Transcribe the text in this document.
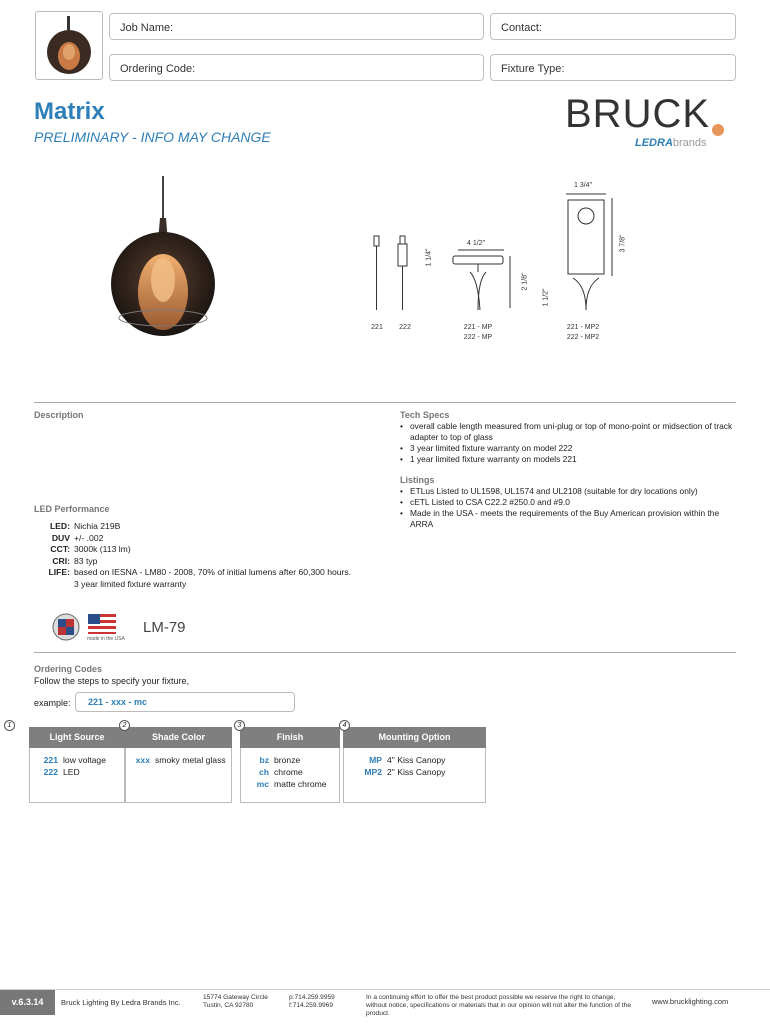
Job Name:	Contact:
Ordering Code:	Fixture Type:
Matrix
PRELIMINARY - INFO MAY CHANGE
BRUCK
LEDRAbrands
1 3/4"
3 7/8"
4 1/2"
1 1/4"
2 1/8"
1 1/2"
221	222	221 - MP
222 - MP
221 - MP2
222 - MP2
Description	Tech Specs
• overall cable length measured from uni-plug or top of mono-point or midsection of track adapter to top of glass
• 3 year limited fixture warranty on model 222
• 1 year limited fixture warranty on models 221
Listings
• ETLus Listed to UL1598, UL1574 and UL2108 (suitable for dry locations only)
• cETL Listed to CSA C22.2 #250.0 and #9.0
• Made in the USA - meets the requirements of the Buy American provision within the ARRA
LED Performance
LED: Nichia 219B
DUV +/- .002
CCT: 3000k (113 lm)
CRI: 83 typ
LIFE: based on IESNA - LM80 - 2008, 70% of initial lumens after 60,300 hours.
3 year limited fixture warranty
made in the USA
LM-79
Ordering Codes
Follow the steps to specify your fixture,
example:	221 - xxx - mc
Light Source
221 low voltage
222 LED
1
Shade Color
xxx smoky metal glass
2
Finish
bz bronze
ch chrome
mc matte chrome
3
Mounting Option
MP 4" Kiss Canopy
MP2 2" Kiss Canopy
4
v.6.3.14	Bruck Lighting By Ledra Brands Inc.
15774 Gateway Circle
Tustin, CA 92780
p:714.259.9959
f:714.259.9969
In a continuing effort to offer the best product possible we reserve the right to change, without notice, specifications or materials that in our opinion will not alter the function of the product.
www.brucklighting.com
